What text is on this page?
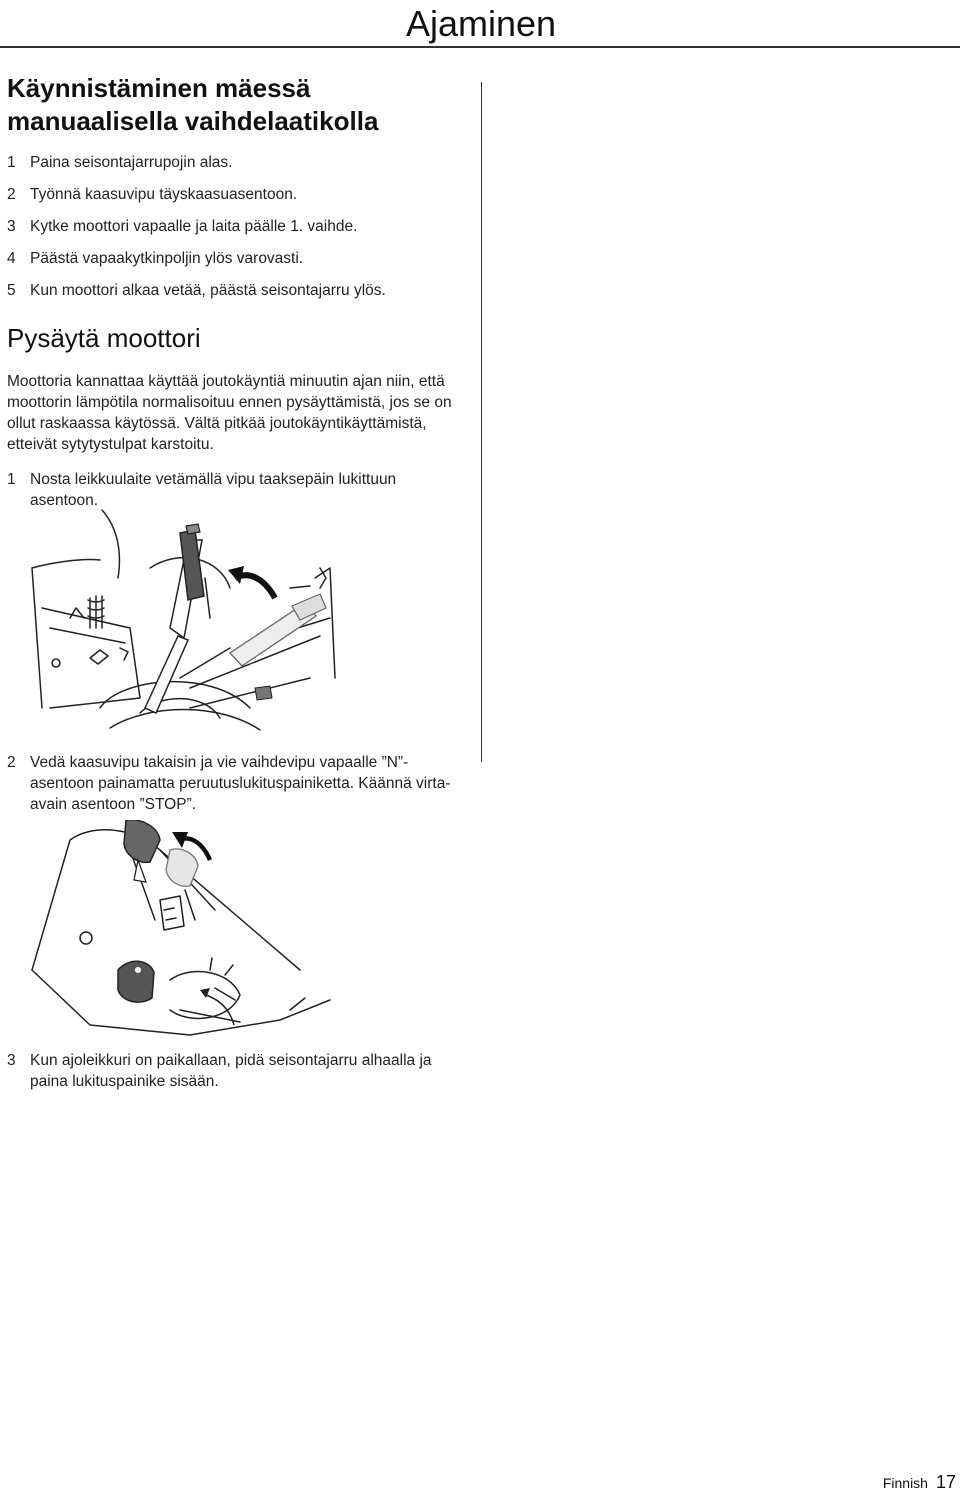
Ajaminen
Käynnistäminen mäessä
manuaalisella vaihdelaatikolla
1 Paina seisontajarrupojin alas.
2 Työnnä kaasuvipu täyskaasuasentoon.
3 Kytke moottori vapaalle ja laita päälle 1. vaihde.
4 Päästä vapaakytkinpoljin ylös varovasti.
5 Kun moottori alkaa vetää, päästä seisontajarru ylös.
Pysäytä moottori
Moottoria kannattaa käyttää joutokäyntiä minuutin ajan niin, että moottorin lämpötila normalisoituu ennen pysäyttämistä, jos se on ollut raskaassa käytössä. Vältä pitkää joutokäyntikäyttämistä, etteivät sytytystulpat karstoitu.
1 Nosta leikkuulaite vetämällä vipu taaksepäin lukittuun asentoon.
2 Vedä kaasuvipu takaisin ja vie vaihdevipu vapaalle ”N”-asentoon painamatta peruutuslukituspainiketta. Käännä virta-avain asentoon ”STOP”.
3 Kun ajoleikkuri on paikallaan, pidä seisontajarru alhaalla ja paina lukituspainike sisään.
Finnish 17
